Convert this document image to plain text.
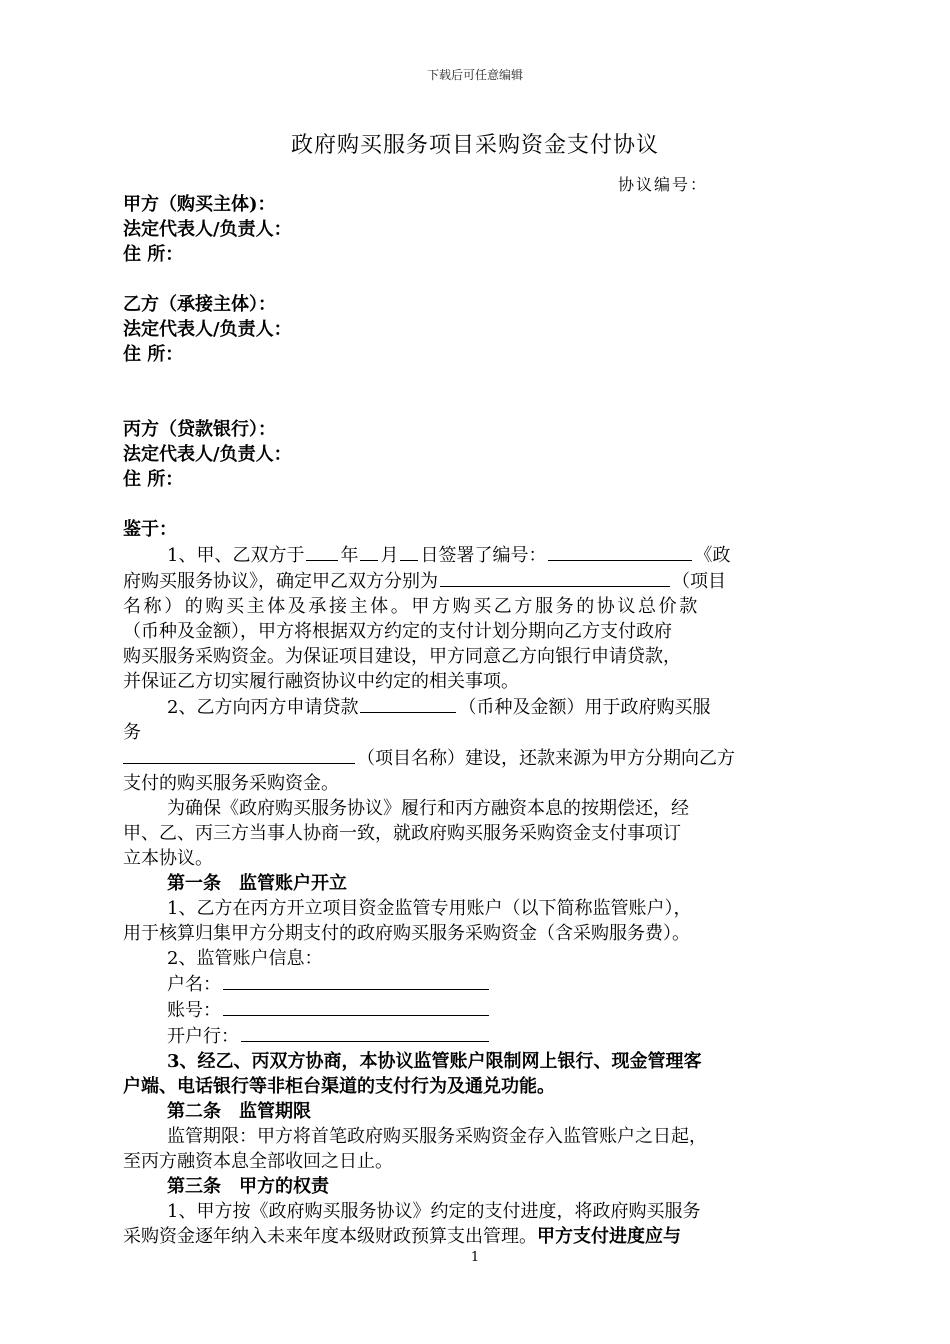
下载后可任意编辑
政府购买服务项目采购资金支付协议
协议编号：

甲方（购买主体)：

法定代表人/负责人：

住 所：

乙方（承接主体）：

法定代表人/负责人：

住 所：

丙方（贷款银行）：

法定代表人/负责人：

住 所：

鉴于：

1、甲、乙双方于 年 月 日签署了编号：	《政

府购买服务协议》，确定甲乙双方分别为	（项目

名称）的购买主体及承接主体。甲方购买乙方服务的协议总价款

（币种及金额），甲方将根据双方约定的支付计划分期向乙方支付政府

购买服务采购资金。为保证项目建设，甲方同意乙方向银行申请贷款，

并保证乙方切实履行融资协议中约定的相关事项。

2、乙方向丙方申请贷款	（币种及金额）用于政府购买服

务

（项目名称）建设，还款来源为甲方分期向乙方

支付的购买服务采购资金。

为确保《政府购买服务协议》履行和丙方融资本息的按期偿还，经

甲、乙、丙三方当事人协商一致，就政府购买服务采购资金支付事项订

立本协议。

第一条　监管账户开立

1、乙方在丙方开立项目资金监管专用账户（以下简称监管账户），

用于核算归集甲方分期支付的政府购买服务采购资金（含采购服务费）。

2、监管账户信息：

户名：

账号：

开户行：

3、经乙、丙双方协商，本协议监管账户限制网上银行、现金管理客

户端、电话银行等非柜台渠道的支付行为及通兑功能。

第二条　监管期限

监管期限：甲方将首笔政府购买服务采购资金存入监管账户之日起，

至丙方融资本息全部收回之日止。

第三条　甲方的权责

1、甲方按《政府购买服务协议》约定的支付进度，将政府购买服务

采购资金逐年纳入未来年度本级财政预算支出管理。甲方支付进度应与

1
